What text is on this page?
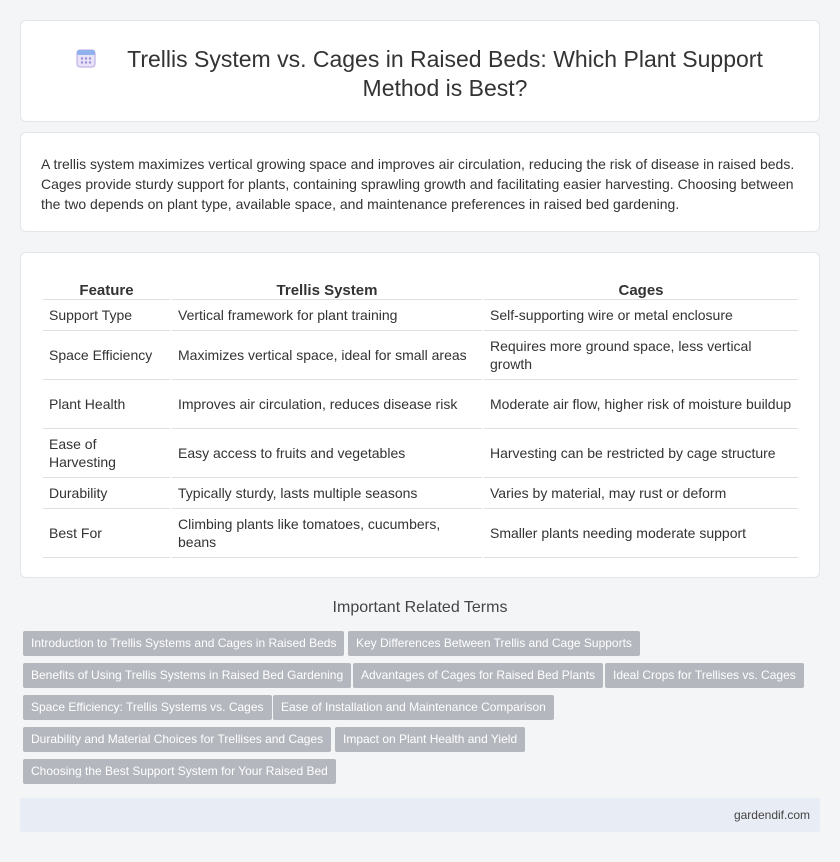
Trellis System vs. Cages in Raised Beds: Which Plant Support Method is Best?

A trellis system maximizes vertical growing space and improves air circulation, reducing the risk of disease in raised beds. Cages provide sturdy support for plants, containing sprawling growth and facilitating easier harvesting. Choosing between the two depends on plant type, available space, and maintenance preferences in raised bed gardening.

Feature	Trellis System	Cages
Support Type	Vertical framework for plant training	Self-supporting wire or metal enclosure
Space Efficiency	Maximizes vertical space, ideal for small areas	Requires more ground space, less vertical growth
Plant Health	Improves air circulation, reduces disease risk	Moderate air flow, higher risk of moisture buildup
Ease of Harvesting	Easy access to fruits and vegetables	Harvesting can be restricted by cage structure
Durability	Typically sturdy, lasts multiple seasons	Varies by material, may rust or deform
Best For	Climbing plants like tomatoes, cucumbers, beans	Smaller plants needing moderate support
Important Related Terms
Introduction to Trellis Systems and Cages in Raised Beds	Key Differences Between Trellis and Cage Supports
Benefits of Using Trellis Systems in Raised Bed Gardening	Advantages of Cages for Raised Bed Plants	Ideal Crops for Trellises vs. Cages
Space Efficiency: Trellis Systems vs. Cages	Ease of Installation and Maintenance Comparison
Durability and Material Choices for Trellises and Cages	Impact on Plant Health and Yield
Choosing the Best Support System for Your Raised Bed
gardendif.com
